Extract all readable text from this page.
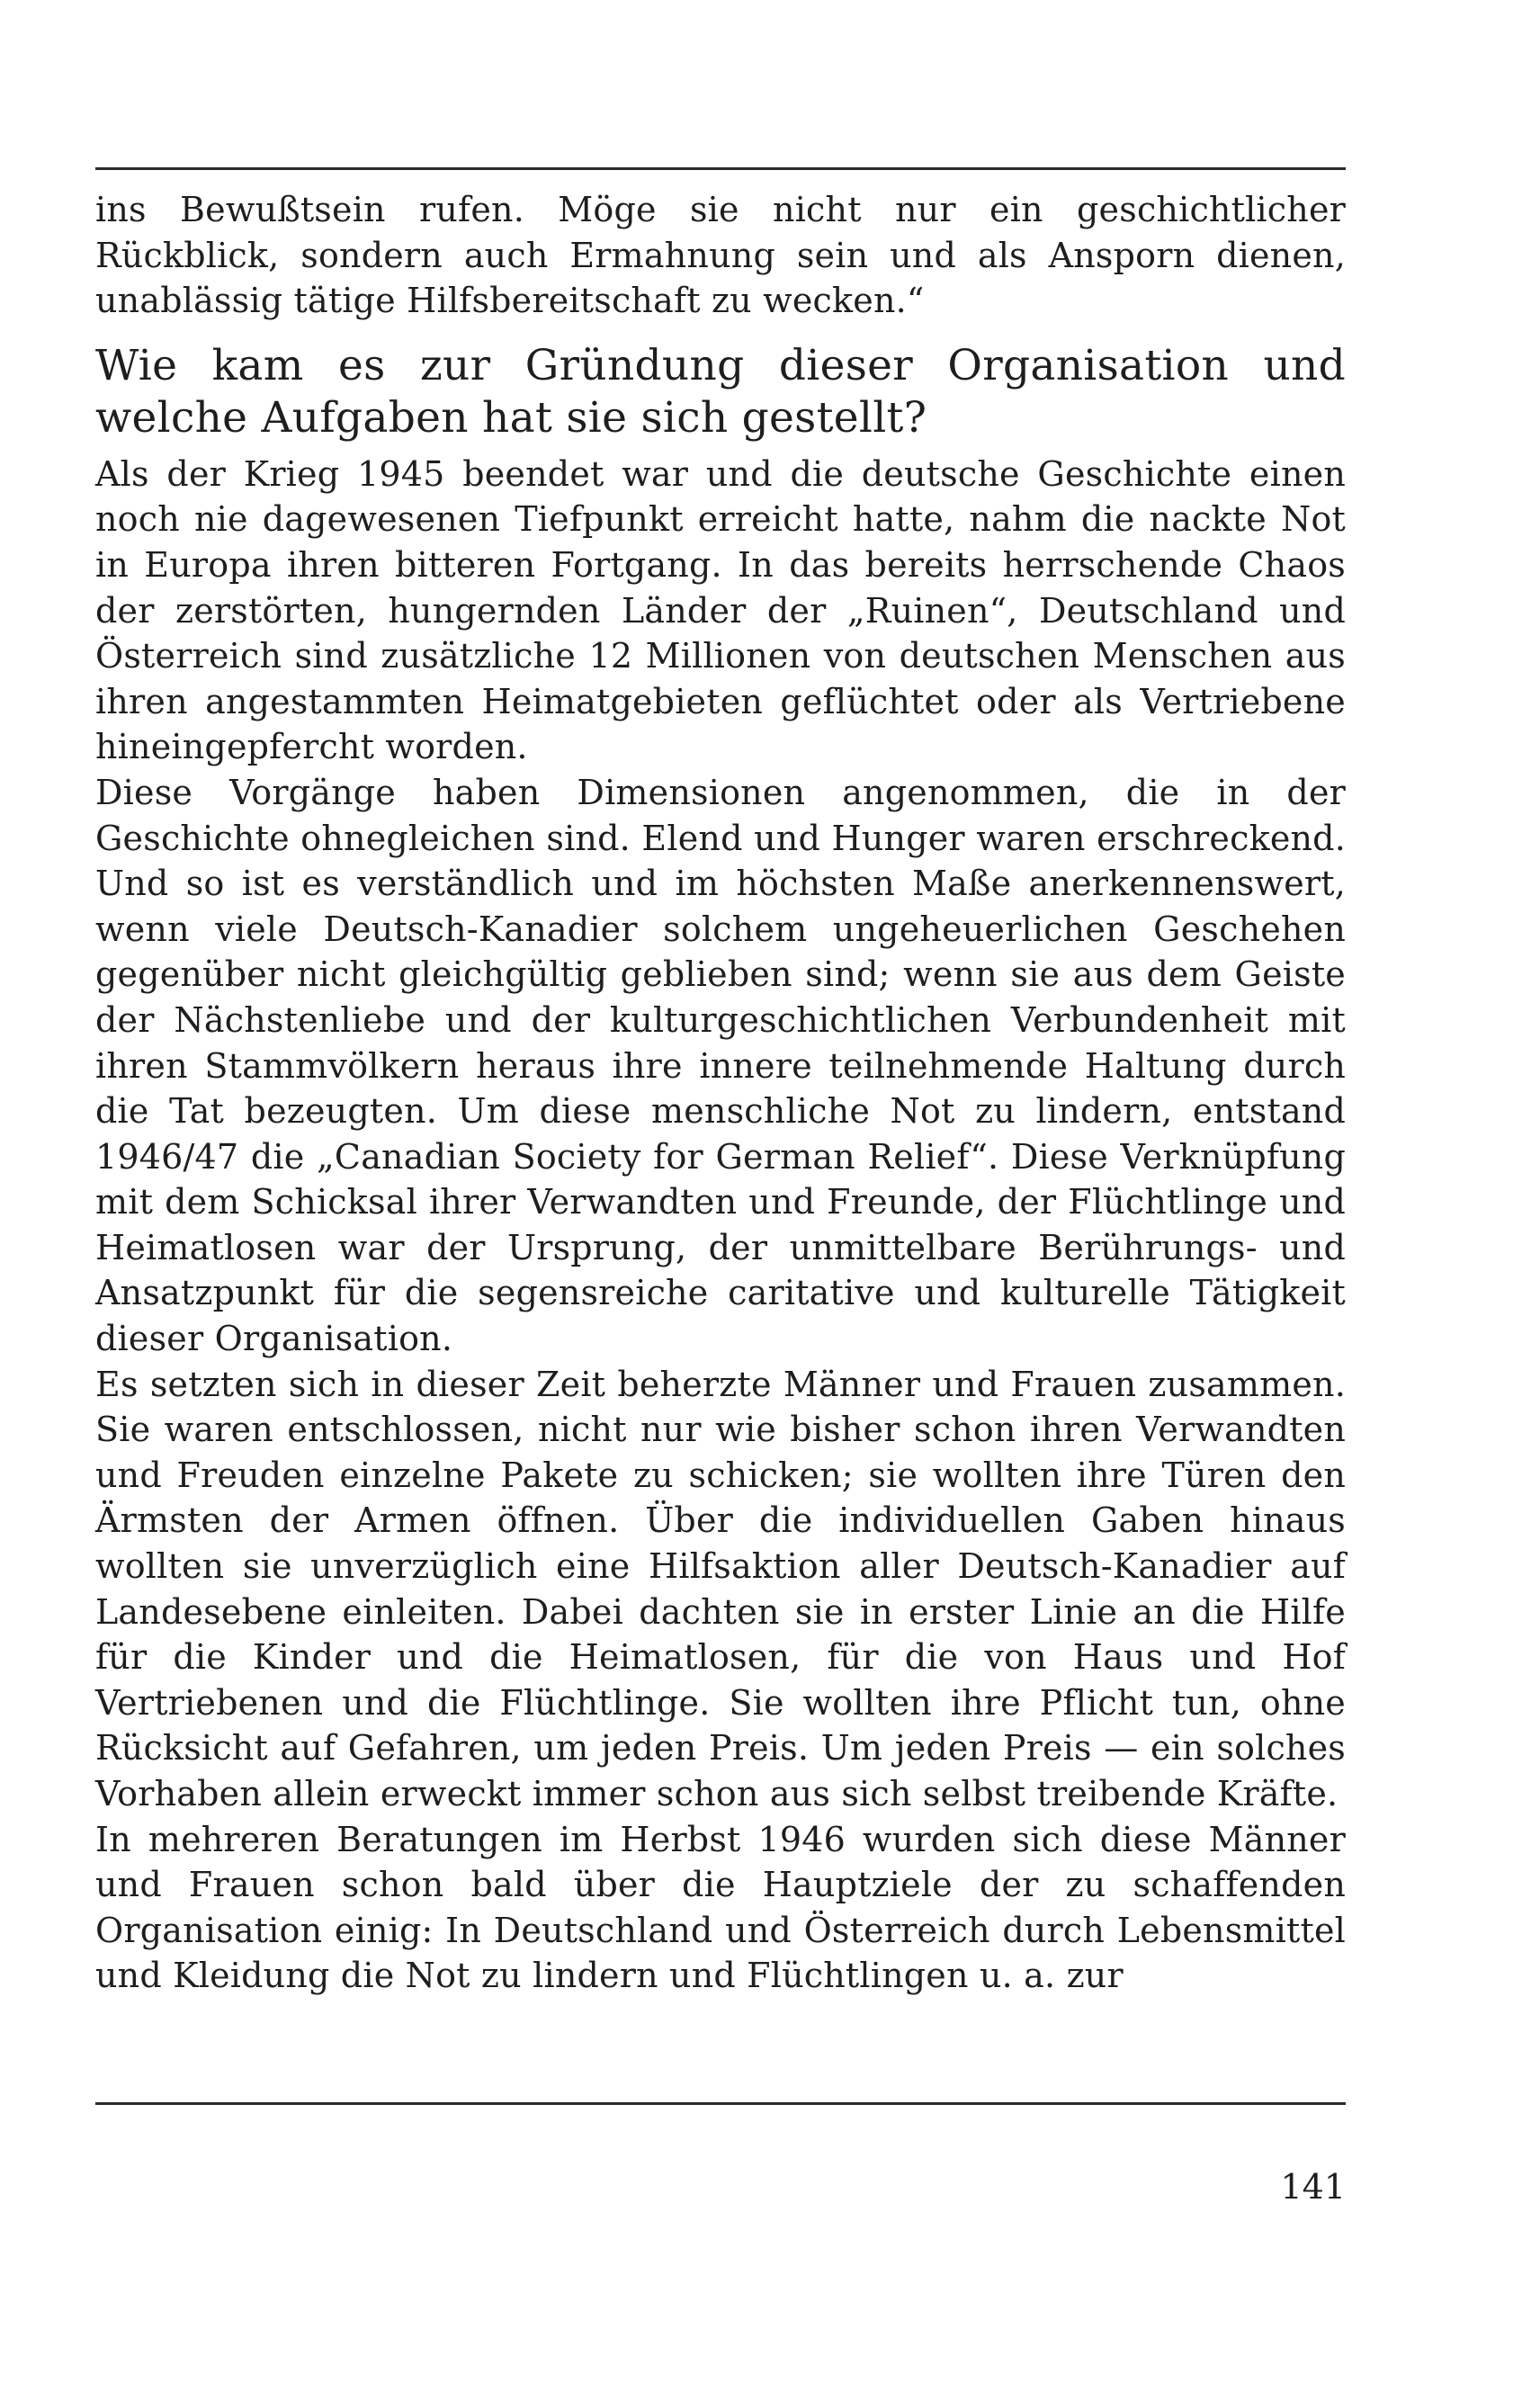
ins Bewußtsein rufen. Möge sie nicht nur ein geschichtlicher Rückblick, sondern auch Ermahnung sein und als Ansporn dienen, unablässig tätige Hilfsbereitschaft zu wecken.“

Wie kam es zur Gründung dieser Organisation und welche Aufgaben hat sie sich gestellt?

Als der Krieg 1945 beendet war und die deutsche Geschichte einen noch nie dagewesenen Tiefpunkt erreicht hatte, nahm die nackte Not in Europa ihren bitteren Fortgang. In das bereits herrschende Chaos der zerstörten, hungernden Länder der „Ruinen“, Deutschland und Österreich sind zusätzliche 12 Millionen von deutschen Menschen aus ihren angestammten Heimatgebieten geflüchtet oder als Vertriebene hineingepfercht worden.

Diese Vorgänge haben Dimensionen angenommen, die in der Geschichte ohnegleichen sind. Elend und Hunger waren erschreckend. Und so ist es verständlich und im höchsten Maße anerkennenswert, wenn viele Deutsch-Kanadier solchem ungeheuerlichen Geschehen gegenüber nicht gleichgültig geblieben sind; wenn sie aus dem Geiste der Nächstenliebe und der kulturgeschichtlichen Verbundenheit mit ihren Stammvölkern heraus ihre innere teilnehmende Haltung durch die Tat bezeugten. Um diese menschliche Not zu lindern, entstand 1946/47 die „Canadian Society for German Relief“. Diese Verknüpfung mit dem Schicksal ihrer Verwandten und Freunde, der Flüchtlinge und Heimatlosen war der Ursprung, der unmittelbare Berührungs- und Ansatzpunkt für die segensreiche caritative und kulturelle Tätigkeit dieser Organisation.

Es setzten sich in dieser Zeit beherzte Männer und Frauen zusammen. Sie waren entschlossen, nicht nur wie bisher schon ihren Verwandten und Freuden einzelne Pakete zu schicken; sie wollten ihre Türen den Ärmsten der Armen öffnen. Über die individuellen Gaben hinaus wollten sie unverzüglich eine Hilfsaktion aller Deutsch-Kanadier auf Landesebene einleiten. Dabei dachten sie in erster Linie an die Hilfe für die Kinder und die Heimatlosen, für die von Haus und Hof Vertriebenen und die Flüchtlinge. Sie wollten ihre Pflicht tun, ohne Rücksicht auf Gefahren, um jeden Preis. Um jeden Preis — ein solches Vorhaben allein erweckt immer schon aus sich selbst treibende Kräfte.

In mehreren Beratungen im Herbst 1946 wurden sich diese Männer und Frauen schon bald über die Hauptziele der zu schaffenden Organisation einig: In Deutschland und Österreich durch Lebensmittel und Kleidung die Not zu lindern und Flüchtlingen u. a. zur

141
